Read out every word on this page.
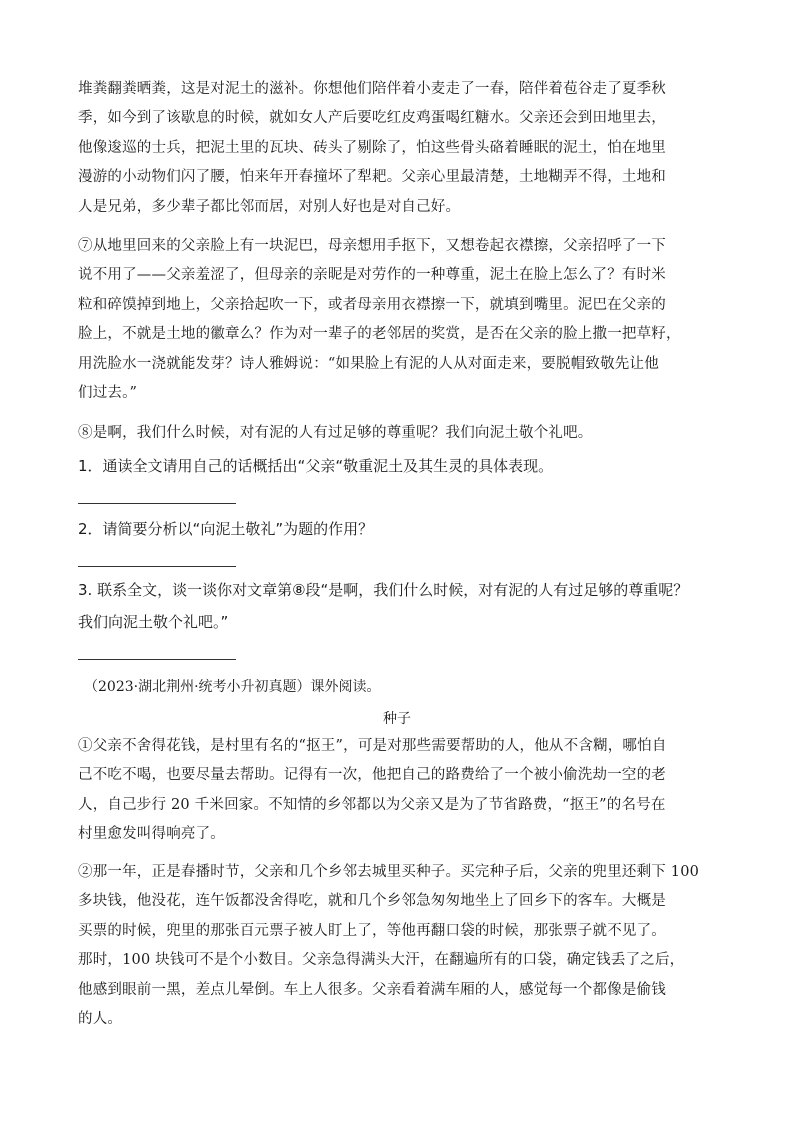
堆粪翻粪晒粪，这是对泥土的滋补。你想他们陪伴着小麦走了一春，陪伴着苞谷走了夏季秋
季，如今到了该歇息的时候，就如女人产后要吃红皮鸡蛋喝红糖水。父亲还会到田地里去，
他像逡巡的士兵，把泥土里的瓦块、砖头了剔除了，怕这些骨头硌着睡眠的泥土，怕在地里
漫游的小动物们闪了腰，怕来年开春撞坏了犁耙。父亲心里最清楚，土地糊弄不得，土地和
人是兄弟，多少辈子都比邻而居，对别人好也是对自己好。
⑦从地里回来的父亲脸上有一块泥巴，母亲想用手抠下，又想卷起衣襟擦，父亲招呼了一下
说不用了——父亲羞涩了，但母亲的亲昵是对劳作的一种尊重，泥土在脸上怎么了？有时米
粒和碎馍掉到地上，父亲拾起吹一下，或者母亲用衣襟擦一下，就填到嘴里。泥巴在父亲的
脸上，不就是土地的徽章么？作为对一辈子的老邻居的奖赏，是否在父亲的脸上撒一把草籽，
用洗脸水一浇就能发芽？诗人雅姆说：“如果脸上有泥的人从对面走来，要脱帽致敬先让他
们过去。”
⑧是啊，我们什么时候，对有泥的人有过足够的尊重呢？我们向泥土敬个礼吧。
1．通读全文请用自己的话概括出“父亲“敬重泥土及其生灵的具体表现。
2．请简要分析以“向泥土敬礼”为题的作用？
3. 联系全文，谈一谈你对文章第⑧段“是啊，我们什么时候，对有泥的人有过足够的尊重呢？
我们向泥土敬个礼吧。”
（2023·湖北荆州·统考小升初真题）课外阅读。
种子
①父亲不舍得花钱，是村里有名的“抠王”，可是对那些需要帮助的人，他从不含糊，哪怕自
己不吃不喝，也要尽量去帮助。记得有一次，他把自己的路费给了一个被小偷洗劫一空的老
人，自己步行 20 千米回家。不知情的乡邻都以为父亲又是为了节省路费，“抠王”的名号在
村里愈发叫得响亮了。
②那一年，正是春播时节，父亲和几个乡邻去城里买种子。买完种子后，父亲的兜里还剩下 100
多块钱，他没花，连午饭都没舍得吃，就和几个乡邻急匆匆地坐上了回乡下的客车。大概是
买票的时候，兜里的那张百元票子被人盯上了，等他再翻口袋的时候，那张票子就不见了。
那时，100 块钱可不是个小数目。父亲急得满头大汗，在翻遍所有的口袋，确定钱丢了之后，
他感到眼前一黑，差点儿晕倒。车上人很多。父亲看着满车厢的人，感觉每一个都像是偷钱
的人。
